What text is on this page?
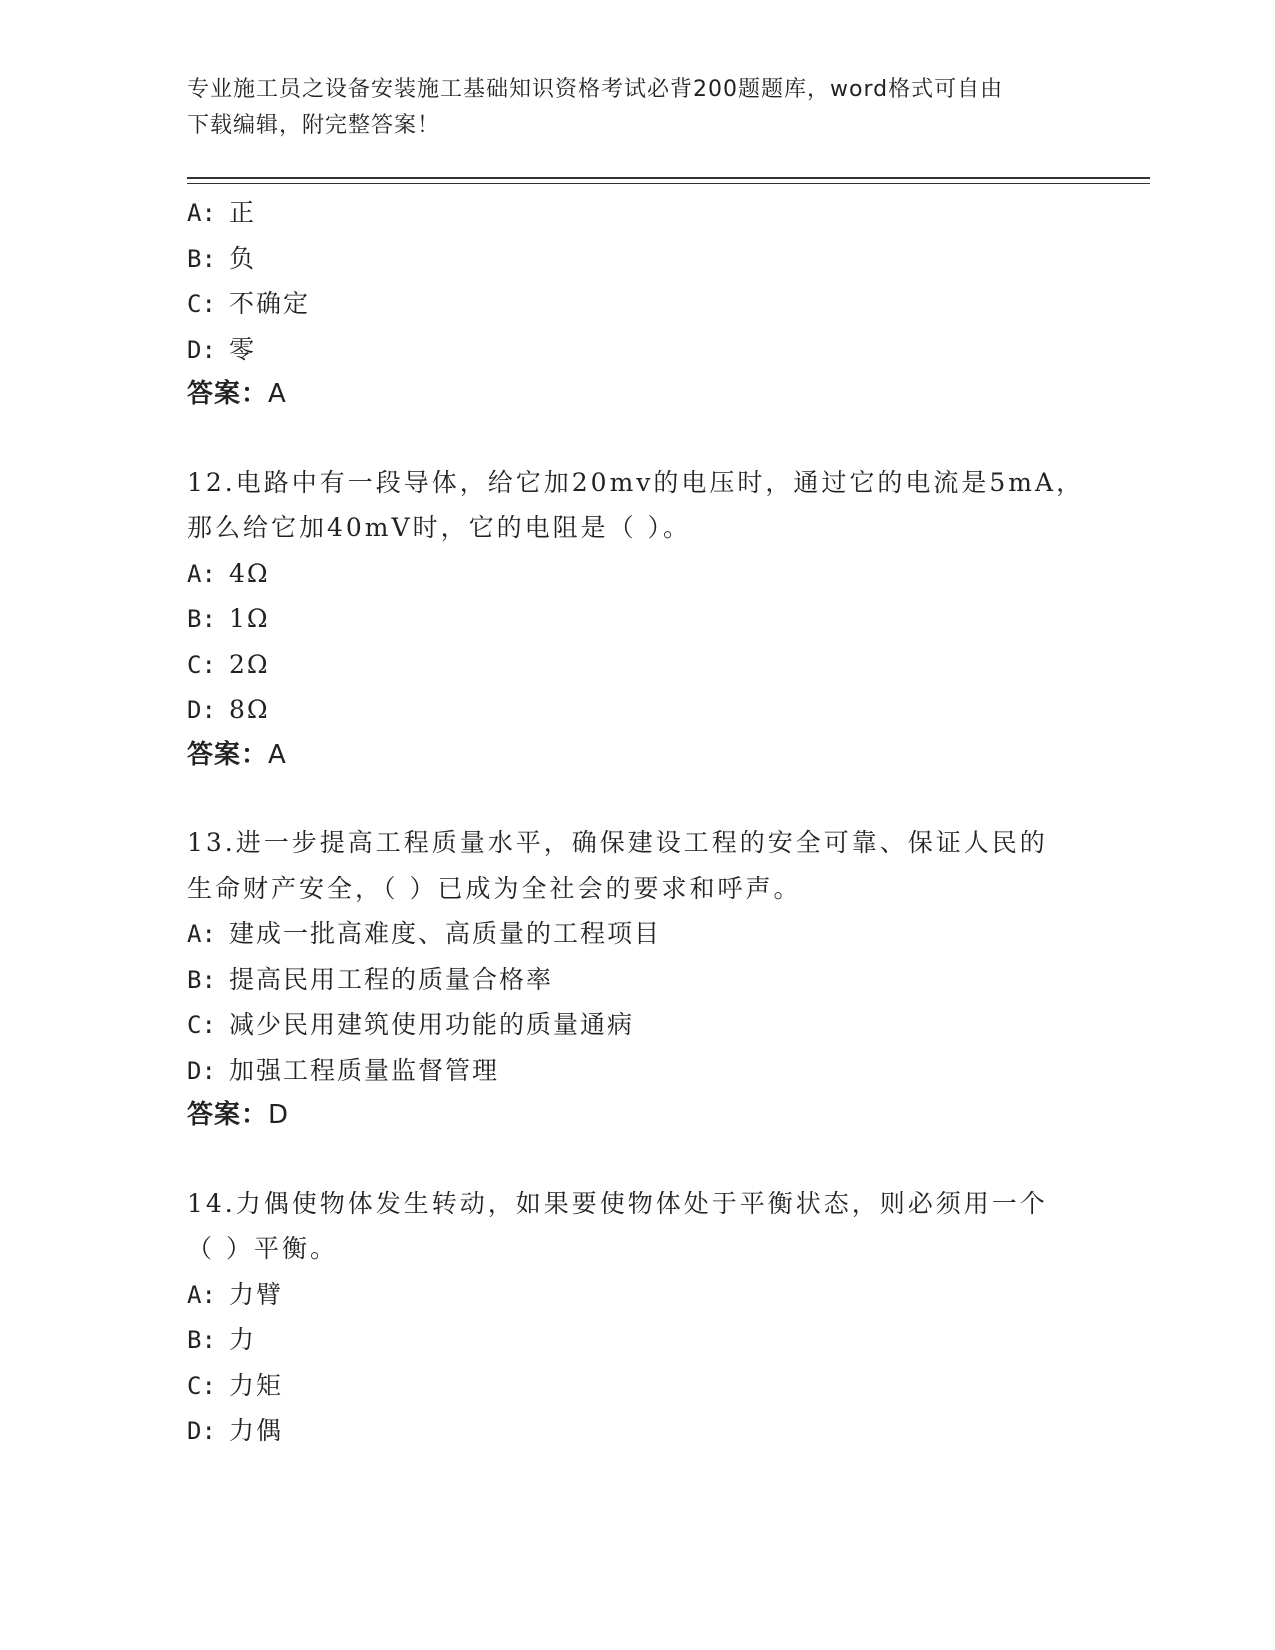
专业施工员之设备安装施工基础知识资格考试必背200题题库，word格式可自由
下载编辑，附完整答案！
A: 正
B: 负
C: 不确定
D: 零
答案：A
12.电路中有一段导体，给它加20mv的电压时，通过它的电流是5mA，
那么给它加40mV时，它的电阻是（ ）。
A: 4Ω
B: 1Ω
C: 2Ω
D: 8Ω
答案：A
13.进一步提高工程质量水平，确保建设工程的安全可靠、保证人民的
生命财产安全，（ ）已成为全社会的要求和呼声。
A: 建成一批高难度、高质量的工程项目
B: 提高民用工程的质量合格率
C: 减少民用建筑使用功能的质量通病
D: 加强工程质量监督管理
答案：D
14.力偶使物体发生转动，如果要使物体处于平衡状态，则必须用一个
（ ）平衡。
A: 力臂
B: 力
C: 力矩
D: 力偶
